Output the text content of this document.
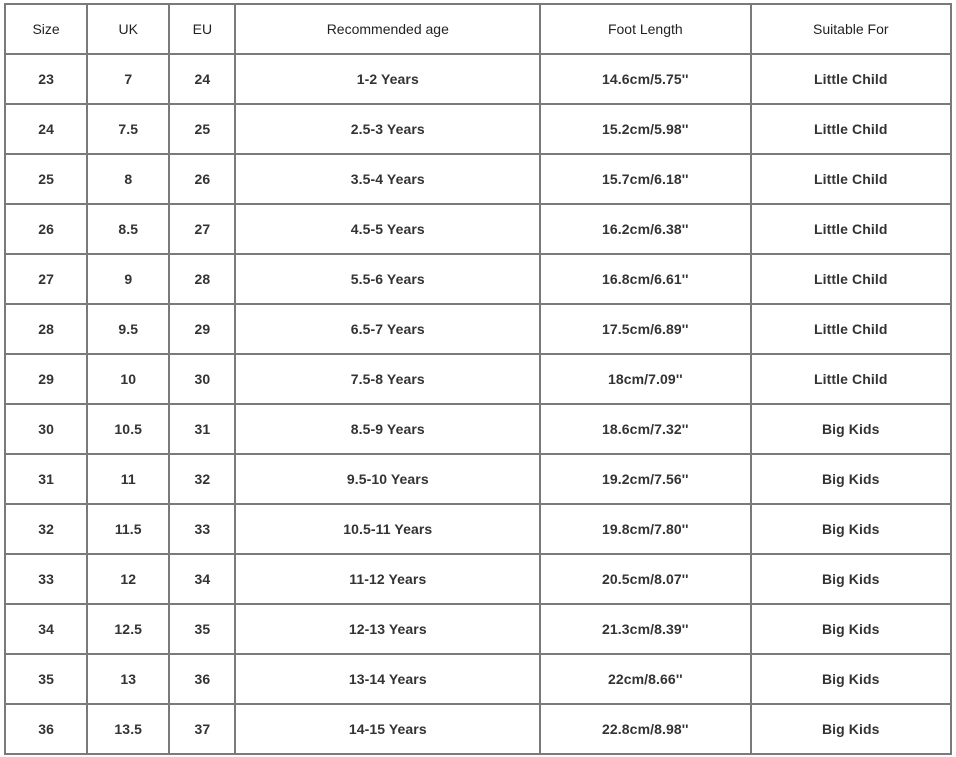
Size	UK	EU	Recommended age	Foot Length	Suitable For
23	7	24	1-2 Years	14.6cm/5.75''	Little Child
24	7.5	25	2.5-3 Years	15.2cm/5.98''	Little Child
25	8	26	3.5-4 Years	15.7cm/6.18''	Little Child
26	8.5	27	4.5-5 Years	16.2cm/6.38''	Little Child
27	9	28	5.5-6 Years	16.8cm/6.61''	Little Child
28	9.5	29	6.5-7 Years	17.5cm/6.89''	Little Child
29	10	30	7.5-8 Years	18cm/7.09''	Little Child
30	10.5	31	8.5-9 Years	18.6cm/7.32''	Big Kids
31	11	32	9.5-10 Years	19.2cm/7.56''	Big Kids
32	11.5	33	10.5-11 Years	19.8cm/7.80''	Big Kids
33	12	34	11-12 Years	20.5cm/8.07''	Big Kids
34	12.5	35	12-13 Years	21.3cm/8.39''	Big Kids
35	13	36	13-14 Years	22cm/8.66''	Big Kids
36	13.5	37	14-15 Years	22.8cm/8.98''	Big Kids
